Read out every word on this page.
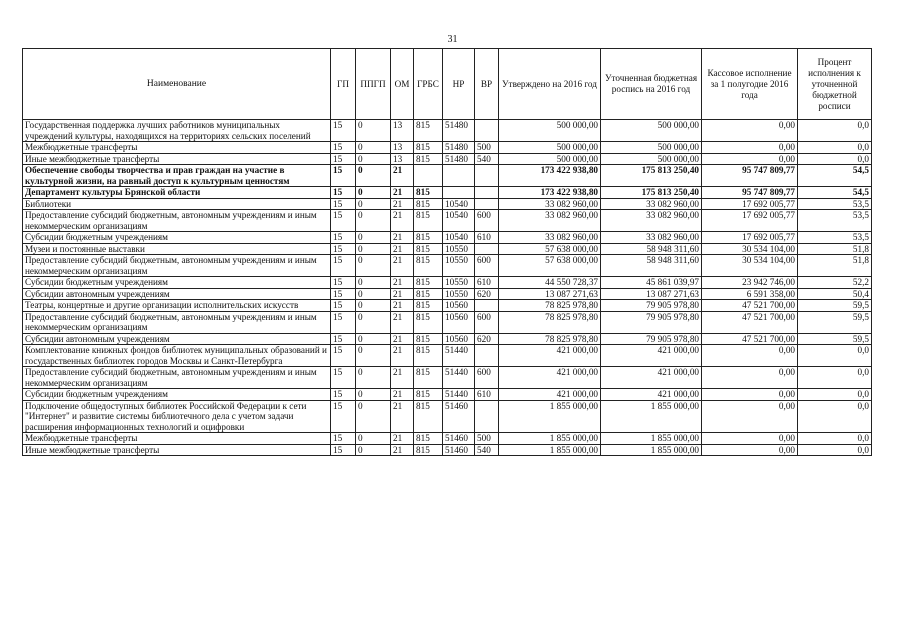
31
Наименование	ГП	ППГП	ОМ	ГРБС	НР	ВР	Утверждено на 2016 год	Уточненная бюджетная роспись на 2016 год	Кассовое исполнение за 1 полугодие 2016 года	Процент исполнения к уточненной бюджетной росписи
Государственная поддержка лучших работников муниципальных учреждений культуры, находящихся на территориях сельских поселений	15	0	13	815	51480		500 000,00	500 000,00	0,00	0,0
Межбюджетные трансферты	15	0	13	815	51480	500	500 000,00	500 000,00	0,00	0,0
Иные межбюджетные трансферты	15	0	13	815	51480	540	500 000,00	500 000,00	0,00	0,0
Обеспечение свободы творчества и прав граждан на участие в культурной жизни, на равный доступ к культурным ценностям	15	0	21				173 422 938,80	175 813 250,40	95 747 809,77	54,5
Департамент культуры Брянской области	15	0	21	815			173 422 938,80	175 813 250,40	95 747 809,77	54,5
Библиотеки	15	0	21	815	10540		33 082 960,00	33 082 960,00	17 692 005,77	53,5
Предоставление субсидий бюджетным, автономным учреждениям и иным некоммерческим организациям	15	0	21	815	10540	600	33 082 960,00	33 082 960,00	17 692 005,77	53,5
Субсидии бюджетным учреждениям	15	0	21	815	10540	610	33 082 960,00	33 082 960,00	17 692 005,77	53,5
Музеи и постоянные выставки	15	0	21	815	10550		57 638 000,00	58 948 311,60	30 534 104,00	51,8
Предоставление субсидий бюджетным, автономным учреждениям и иным некоммерческим организациям	15	0	21	815	10550	600	57 638 000,00	58 948 311,60	30 534 104,00	51,8
Субсидии бюджетным учреждениям	15	0	21	815	10550	610	44 550 728,37	45 861 039,97	23 942 746,00	52,2
Субсидии автономным учреждениям	15	0	21	815	10550	620	13 087 271,63	13 087 271,63	6 591 358,00	50,4
Театры, концертные и другие организации исполнительских искусств	15	0	21	815	10560		78 825 978,80	79 905 978,80	47 521 700,00	59,5
Предоставление субсидий бюджетным, автономным учреждениям и иным некоммерческим организациям	15	0	21	815	10560	600	78 825 978,80	79 905 978,80	47 521 700,00	59,5
Субсидии автономным учреждениям	15	0	21	815	10560	620	78 825 978,80	79 905 978,80	47 521 700,00	59,5
Комплектование книжных фондов библиотек муниципальных образований и государственных библиотек городов Москвы и Санкт-Петербурга	15	0	21	815	51440		421 000,00	421 000,00	0,00	0,0
Предоставление субсидий бюджетным, автономным учреждениям и иным некоммерческим организациям	15	0	21	815	51440	600	421 000,00	421 000,00	0,00	0,0
Субсидии бюджетным учреждениям	15	0	21	815	51440	610	421 000,00	421 000,00	0,00	0,0
Подключение общедоступных библиотек Российской Федерации к сети "Интернет" и развитие системы библиотечного дела с учетом задачи расширения информационных технологий и оцифровки	15	0	21	815	51460		1 855 000,00	1 855 000,00	0,00	0,0
Межбюджетные трансферты	15	0	21	815	51460	500	1 855 000,00	1 855 000,00	0,00	0,0
Иные межбюджетные трансферты	15	0	21	815	51460	540	1 855 000,00	1 855 000,00	0,00	0,0
